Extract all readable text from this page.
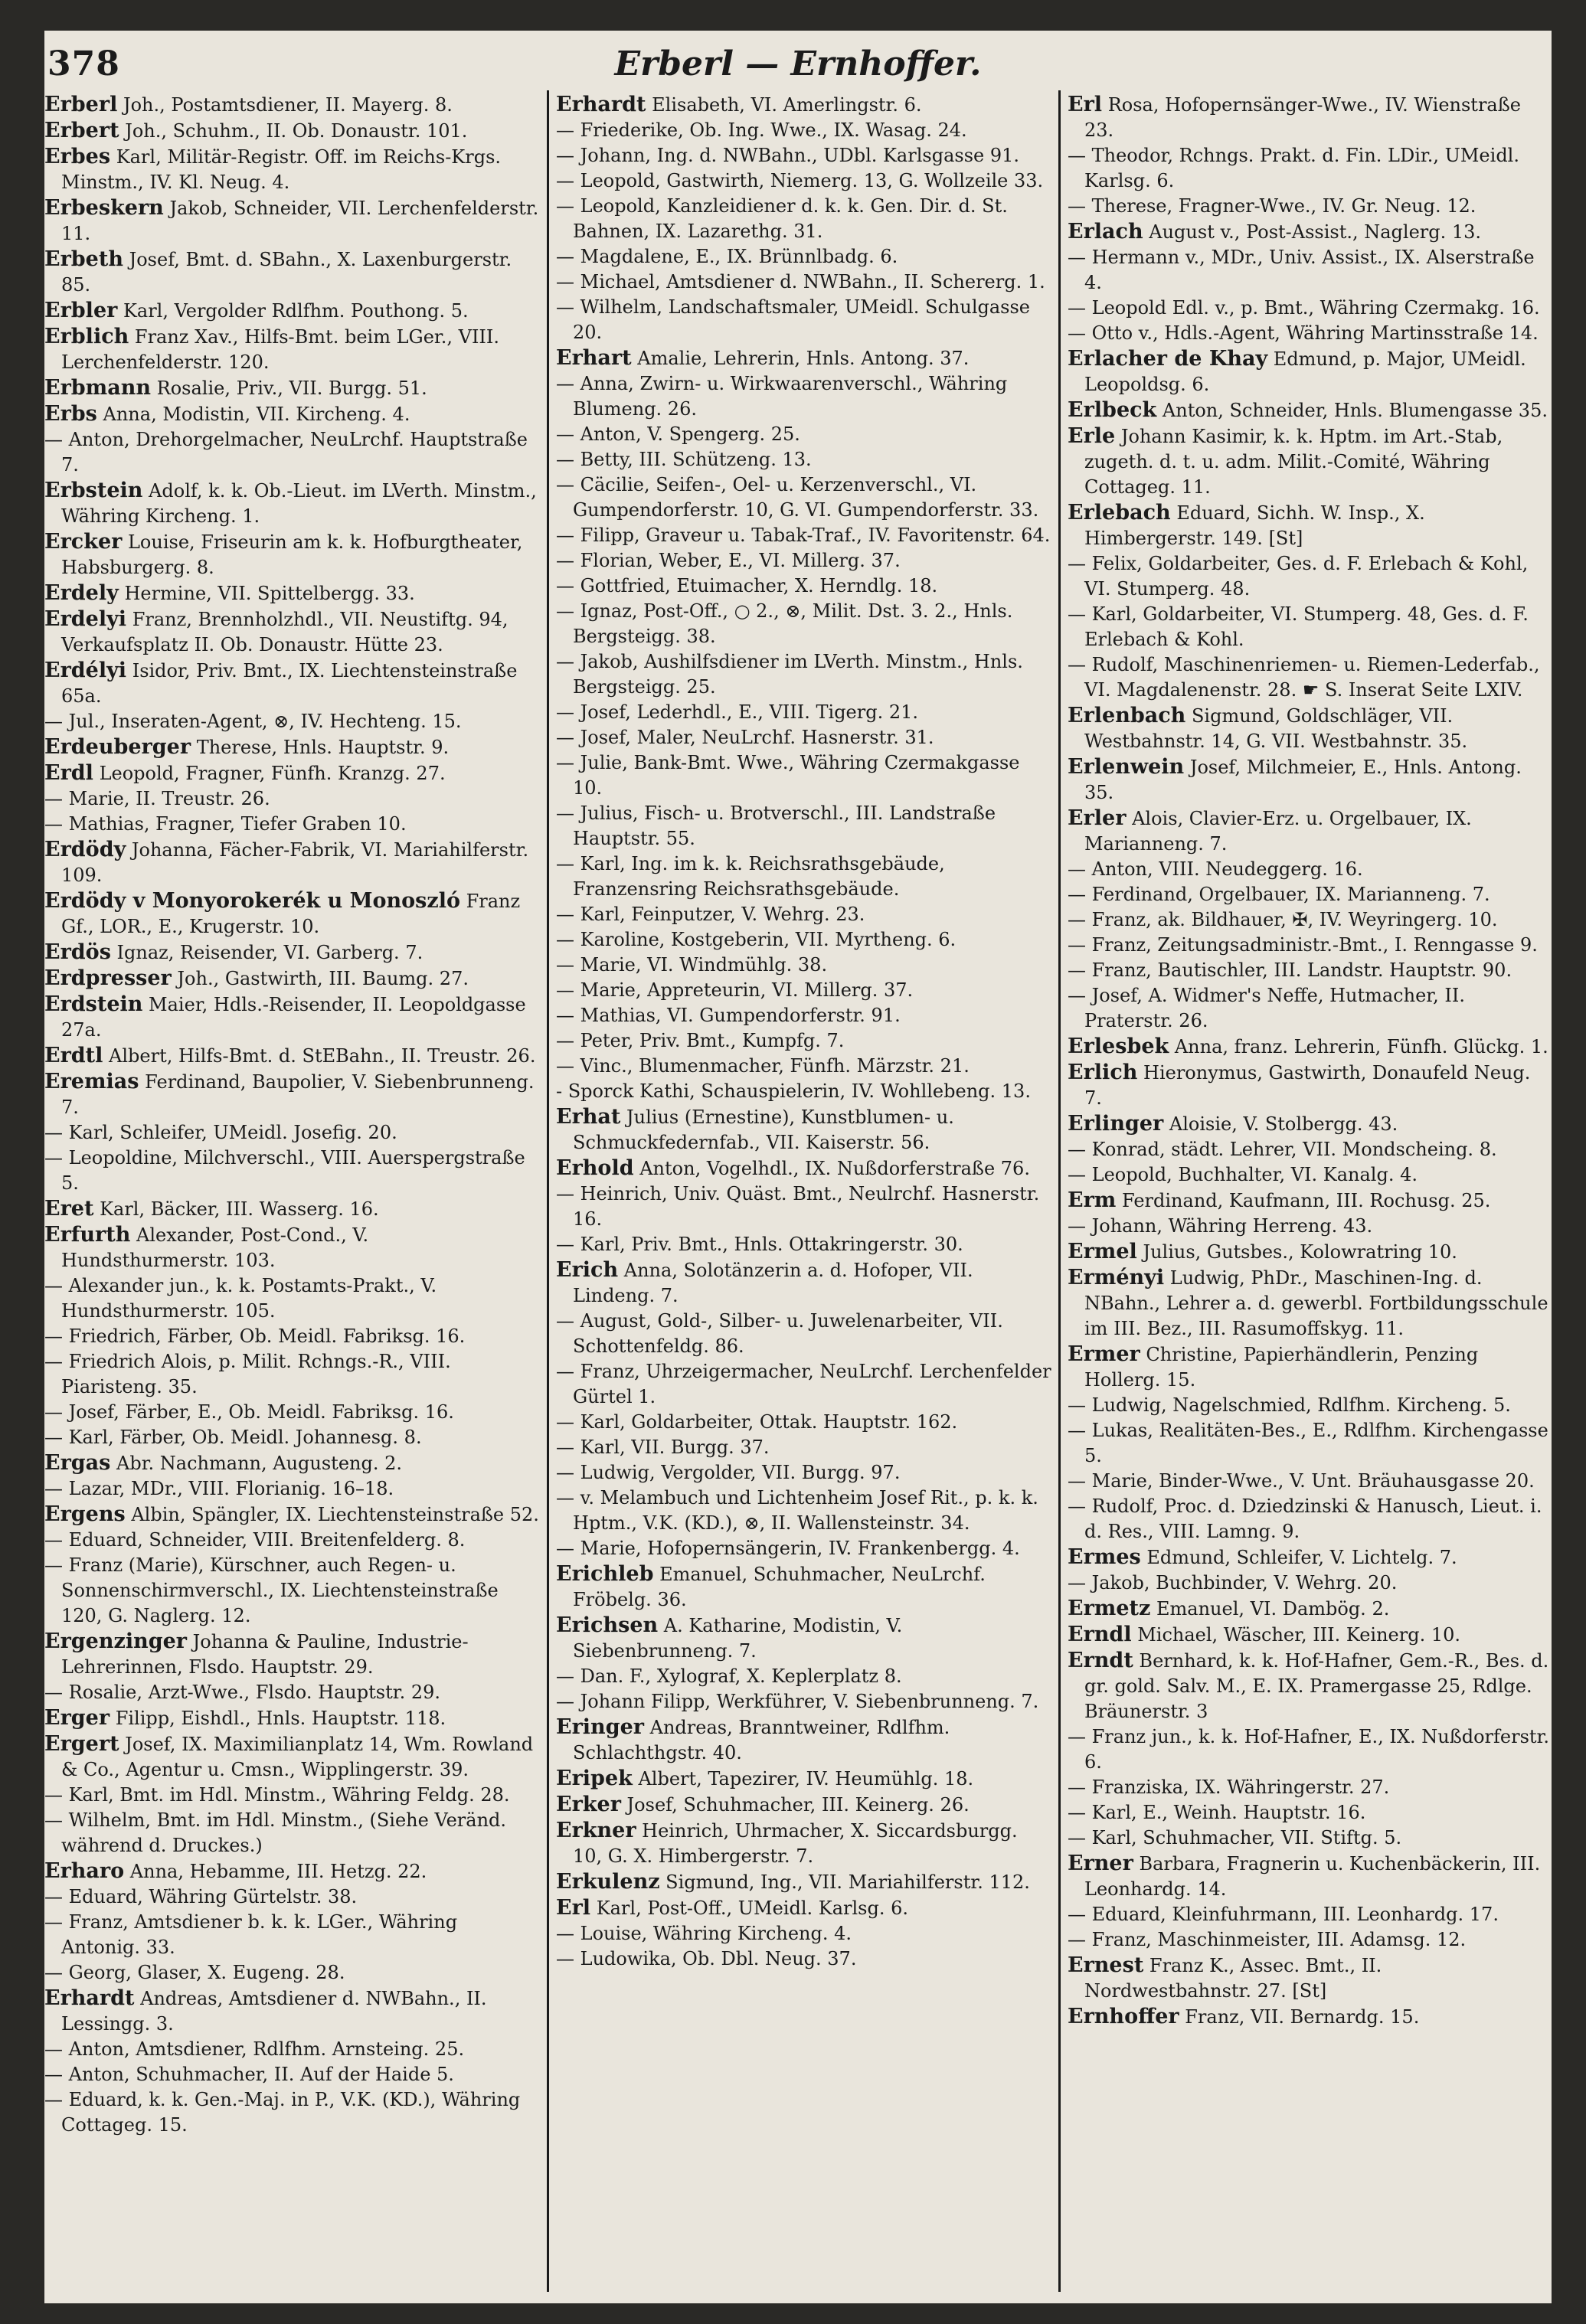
378	Erberl — Ernhoffer.

Erberl Joh., Postamtsdiener, II. Mayerg. 8.

Erbert Joh., Schuhm., II. Ob. Donaustr. 101.

Erbes Karl, Militär-Registr. Off. im Reichs-Krgs. Minstm., IV. Kl. Neug. 4.

Erbeskern Jakob, Schneider, VII. Lerchenfelderstr. 11.

Erbeth Josef, Bmt. d. SBahn., X. Laxenburgerstr. 85.

Erbler Karl, Vergolder Rdlfhm. Pouthong. 5.

Erblich Franz Xav., Hilfs-Bmt. beim LGer., VIII. Lerchenfelderstr. 120.

Erbmann Rosalie, Priv., VII. Burgg. 51.

Erbs Anna, Modistin, VII. Kircheng. 4.

— Anton, Drehorgelmacher, NeuLrchf. Hauptstraße 7.

Erbstein Adolf, k. k. Ob.-Lieut. im LVerth. Minstm., Währing Kircheng. 1.

Ercker Louise, Friseurin am k. k. Hofburgtheater, Habsburgerg. 8.

Erdely Hermine, VII. Spittelbergg. 33.

Erdelyi Franz, Brennholzhdl., VII. Neustiftg. 94, Verkaufsplatz II. Ob. Donaustr. Hütte 23.

Erdélyi Isidor, Priv. Bmt., IX. Liechtensteinstraße 65a.

— Jul., Inseraten-Agent, ⊗, IV. Hechteng. 15.

Erdeuberger Therese, Hnls. Hauptstr. 9.

Erdl Leopold, Fragner, Fünfh. Kranzg. 27.

— Marie, II. Treustr. 26.

— Mathias, Fragner, Tiefer Graben 10.

Erdödy Johanna, Fächer-Fabrik, VI. Mariahilferstr. 109.

Erdödy v Monyorokerék u Monoszló Franz Gf., LOR., E., Krugerstr. 10.

Erdös Ignaz, Reisender, VI. Garberg. 7.

Erdpresser Joh., Gastwirth, III. Baumg. 27.

Erdstein Maier, Hdls.-Reisender, II. Leopoldgasse 27a.

Erdtl Albert, Hilfs-Bmt. d. StEBahn., II. Treustr. 26.

Eremias Ferdinand, Baupolier, V. Siebenbrunneng. 7.

— Karl, Schleifer, UMeidl. Josefig. 20.

— Leopoldine, Milchverschl., VIII. Auerspergstraße 5.

Eret Karl, Bäcker, III. Wasserg. 16.

Erfurth Alexander, Post-Cond., V. Hundsthurmerstr. 103.

— Alexander jun., k. k. Postamts-Prakt., V. Hundsthurmerstr. 105.

— Friedrich, Färber, Ob. Meidl. Fabriksg. 16.

— Friedrich Alois, p. Milit. Rchngs.-R., VIII. Piaristeng. 35.

— Josef, Färber, E., Ob. Meidl. Fabriksg. 16.

— Karl, Färber, Ob. Meidl. Johannesg. 8.

Ergas Abr. Nachmann, Augusteng. 2.

— Lazar, MDr., VIII. Florianig. 16–18.

Ergens Albin, Spängler, IX. Liechtensteinstraße 52.

— Eduard, Schneider, VIII. Breitenfelderg. 8.

— Franz (Marie), Kürschner, auch Regen- u. Sonnenschirmverschl., IX. Liechtensteinstraße 120, G. Naglerg. 12.

Ergenzinger Johanna & Pauline, Industrie-Lehrerinnen, Flsdo. Hauptstr. 29.

— Rosalie, Arzt-Wwe., Flsdo. Hauptstr. 29.

Erger Filipp, Eishdl., Hnls. Hauptstr. 118.

Ergert Josef, IX. Maximilianplatz 14, Wm. Rowland & Co., Agentur u. Cmsn., Wipplingerstr. 39.

— Karl, Bmt. im Hdl. Minstm., Währing Feldg. 28.

— Wilhelm, Bmt. im Hdl. Minstm., (Siehe Veränd. während d. Druckes.)

Erharo Anna, Hebamme, III. Hetzg. 22.

— Eduard, Währing Gürtelstr. 38.

— Franz, Amtsdiener b. k. k. LGer., Währing Antonig. 33.

— Georg, Glaser, X. Eugeng. 28.

Erhardt Andreas, Amtsdiener d. NWBahn., II. Lessingg. 3.

— Anton, Amtsdiener, Rdlfhm. Arnsteing. 25.

— Anton, Schuhmacher, II. Auf der Haide 5.

— Eduard, k. k. Gen.-Maj. in P., V.K. (KD.), Währing Cottageg. 15.

Erhardt Elisabeth, VI. Amerlingstr. 6.

— Friederike, Ob. Ing. Wwe., IX. Wasag. 24.

— Johann, Ing. d. NWBahn., UDbl. Karlsgasse 91.

— Leopold, Gastwirth, Niemerg. 13, G. Wollzeile 33.

— Leopold, Kanzleidiener d. k. k. Gen. Dir. d. St. Bahnen, IX. Lazarethg. 31.

— Magdalene, E., IX. Brünnlbadg. 6.

— Michael, Amtsdiener d. NWBahn., II. Schererg. 1.

— Wilhelm, Landschaftsmaler, UMeidl. Schulgasse 20.

Erhart Amalie, Lehrerin, Hnls. Antong. 37.

— Anna, Zwirn- u. Wirkwaarenverschl., Währing Blumeng. 26.

— Anton, V. Spengerg. 25.

— Betty, III. Schützeng. 13.

— Cäcilie, Seifen-, Oel- u. Kerzenverschl., VI. Gumpendorferstr. 10, G. VI. Gumpendorferstr. 33.

— Filipp, Graveur u. Tabak-Traf., IV. Favoritenstr. 64.

— Florian, Weber, E., VI. Millerg. 37.

— Gottfried, Etuimacher, X. Herndlg. 18.

— Ignaz, Post-Off., ○ 2., ⊗, Milit. Dst. 3. 2., Hnls. Bergsteigg. 38.

— Jakob, Aushilfsdiener im LVerth. Minstm., Hnls. Bergsteigg. 25.

— Josef, Lederhdl., E., VIII. Tigerg. 21.

— Josef, Maler, NeuLrchf. Hasnerstr. 31.

— Julie, Bank-Bmt. Wwe., Währing Czermakgasse 10.

— Julius, Fisch- u. Brotverschl., III. Landstraße Hauptstr. 55.

— Karl, Ing. im k. k. Reichsrathsgebäude, Franzensring Reichsrathsgebäude.

— Karl, Feinputzer, V. Wehrg. 23.

— Karoline, Kostgeberin, VII. Myrtheng. 6.

— Marie, VI. Windmühlg. 38.

— Marie, Appreteurin, VI. Millerg. 37.

— Mathias, VI. Gumpendorferstr. 91.

— Peter, Priv. Bmt., Kumpfg. 7.

— Vinc., Blumenmacher, Fünfh. Märzstr. 21.

- Sporck Kathi, Schauspielerin, IV. Wohllebeng. 13.

Erhat Julius (Ernestine), Kunstblumen- u. Schmuckfedernfab., VII. Kaiserstr. 56.

Erhold Anton, Vogelhdl., IX. Nußdorferstraße 76.

— Heinrich, Univ. Quäst. Bmt., Neulrchf. Hasnerstr. 16.

— Karl, Priv. Bmt., Hnls. Ottakringerstr. 30.

Erich Anna, Solotänzerin a. d. Hofoper, VII. Lindeng. 7.

— August, Gold-, Silber- u. Juwelenarbeiter, VII. Schottenfeldg. 86.

— Franz, Uhrzeigermacher, NeuLrchf. Lerchenfelder Gürtel 1.

— Karl, Goldarbeiter, Ottak. Hauptstr. 162.

— Karl, VII. Burgg. 37.

— Ludwig, Vergolder, VII. Burgg. 97.

— v. Melambuch und Lichtenheim Josef Rit., p. k. k. Hptm., V.K. (KD.), ⊗, II. Wallensteinstr. 34.

— Marie, Hofopernsängerin, IV. Frankenbergg. 4.

Erichleb Emanuel, Schuhmacher, NeuLrchf. Fröbelg. 36.

Erichsen A. Katharine, Modistin, V. Siebenbrunneng. 7.

— Dan. F., Xylograf, X. Keplerplatz 8.

— Johann Filipp, Werkführer, V. Siebenbrunneng. 7.

Eringer Andreas, Branntweiner, Rdlfhm. Schlachthgstr. 40.

Eripek Albert, Tapezirer, IV. Heumühlg. 18.

Erker Josef, Schuhmacher, III. Keinerg. 26.

Erkner Heinrich, Uhrmacher, X. Siccardsburgg. 10, G. X. Himbergerstr. 7.

Erkulenz Sigmund, Ing., VII. Mariahilferstr. 112.

Erl Karl, Post-Off., UMeidl. Karlsg. 6.

— Louise, Währing Kircheng. 4.

— Ludowika, Ob. Dbl. Neug. 37.

Erl Rosa, Hofopernsänger-Wwe., IV. Wienstraße 23.

— Theodor, Rchngs. Prakt. d. Fin. LDir., UMeidl. Karlsg. 6.

— Therese, Fragner-Wwe., IV. Gr. Neug. 12.

Erlach August v., Post-Assist., Naglerg. 13.

— Hermann v., MDr., Univ. Assist., IX. Alserstraße 4.

— Leopold Edl. v., p. Bmt., Währing Czermakg. 16.

— Otto v., Hdls.-Agent, Währing Martinsstraße 14.

Erlacher de Khay Edmund, p. Major, UMeidl. Leopoldsg. 6.

Erlbeck Anton, Schneider, Hnls. Blumengasse 35.

Erle Johann Kasimir, k. k. Hptm. im Art.-Stab, zugeth. d. t. u. adm. Milit.-Comité, Währing Cottageg. 11.

Erlebach Eduard, Sichh. W. Insp., X. Himbergerstr. 149. [St]

— Felix, Goldarbeiter, Ges. d. F. Erlebach & Kohl, VI. Stumperg. 48.

— Karl, Goldarbeiter, VI. Stumperg. 48, Ges. d. F. Erlebach & Kohl.

— Rudolf, Maschinenriemen- u. Riemen-Lederfab., VI. Magdalenenstr. 28. ☛ S. Inserat Seite LXIV.

Erlenbach Sigmund, Goldschläger, VII. Westbahnstr. 14, G. VII. Westbahnstr. 35.

Erlenwein Josef, Milchmeier, E., Hnls. Antong. 35.

Erler Alois, Clavier-Erz. u. Orgelbauer, IX. Marianneng. 7.

— Anton, VIII. Neudeggerg. 16.

— Ferdinand, Orgelbauer, IX. Marianneng. 7.

— Franz, ak. Bildhauer, ✠, IV. Weyringerg. 10.

— Franz, Zeitungsadministr.-Bmt., I. Renngasse 9.

— Franz, Bautischler, III. Landstr. Hauptstr. 90.

— Josef, A. Widmer's Neffe, Hutmacher, II. Praterstr. 26.

Erlesbek Anna, franz. Lehrerin, Fünfh. Glückg. 1.

Erlich Hieronymus, Gastwirth, Donaufeld Neug. 7.

Erlinger Aloisie, V. Stolbergg. 43.

— Konrad, städt. Lehrer, VII. Mondscheing. 8.

— Leopold, Buchhalter, VI. Kanalg. 4.

Erm Ferdinand, Kaufmann, III. Rochusg. 25.

— Johann, Währing Herreng. 43.

Ermel Julius, Gutsbes., Kolowratring 10.

Erményi Ludwig, PhDr., Maschinen-Ing. d. NBahn., Lehrer a. d. gewerbl. Fortbildungsschule im III. Bez., III. Rasumoffskyg. 11.

Ermer Christine, Papierhändlerin, Penzing Hollerg. 15.

— Ludwig, Nagelschmied, Rdlfhm. Kircheng. 5.

— Lukas, Realitäten-Bes., E., Rdlfhm. Kirchengasse 5.

— Marie, Binder-Wwe., V. Unt. Bräuhausgasse 20.

— Rudolf, Proc. d. Dziedzinski & Hanusch, Lieut. i. d. Res., VIII. Lamng. 9.

Ermes Edmund, Schleifer, V. Lichtelg. 7.

— Jakob, Buchbinder, V. Wehrg. 20.

Ermetz Emanuel, VI. Dambög. 2.

Erndl Michael, Wäscher, III. Keinerg. 10.

Erndt Bernhard, k. k. Hof-Hafner, Gem.-R., Bes. d. gr. gold. Salv. M., E. IX. Pramergasse 25, Rdlge. Bräunerstr. 3

— Franz jun., k. k. Hof-Hafner, E., IX. Nußdorferstr. 6.

— Franziska, IX. Währingerstr. 27.

— Karl, E., Weinh. Hauptstr. 16.

— Karl, Schuhmacher, VII. Stiftg. 5.

Erner Barbara, Fragnerin u. Kuchenbäckerin, III. Leonhardg. 14.

— Eduard, Kleinfuhrmann, III. Leonhardg. 17.

— Franz, Maschinmeister, III. Adamsg. 12.

Ernest Franz K., Assec. Bmt., II. Nordwestbahnstr. 27. [St]

Ernhoffer Franz, VII. Bernardg. 15.
